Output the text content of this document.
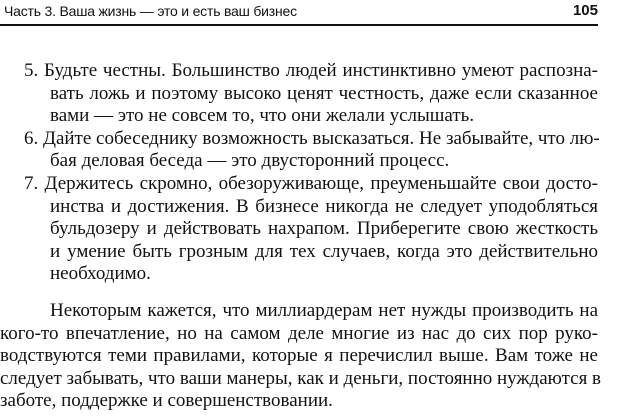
Часть 3. Ваша жизнь — это и есть ваш бизнес	105
5. Будьте честны. Большинство людей инстинктивно умеют распозна-
вать ложь и поэтому высоко ценят честность, даже если сказанное
вами — это не совсем то, что они желали услышать.
6. Дайте собеседнику возможность высказаться. Не забывайте, что лю-
бая деловая беседа — это двусторонний процесс.
7. Держитесь скромно, обезоруживающе, преуменьшайте свои досто-
инства и достижения. В бизнесе никогда не следует уподобляться
бульдозеру и действовать нахрапом. Приберегите свою жесткость
и умение быть грозным для тех случаев, когда это действительно
необходимо.

Некоторым кажется, что миллиардерам нет нужды производить на
кого-то впечатление, но на самом деле многие из нас до сих пор руко-
водствуются теми правилами, которые я перечислил выше. Вам тоже не
следует забывать, что ваши манеры, как и деньги, постоянно нуждаются в
заботе, поддержке и совершенствовании.
